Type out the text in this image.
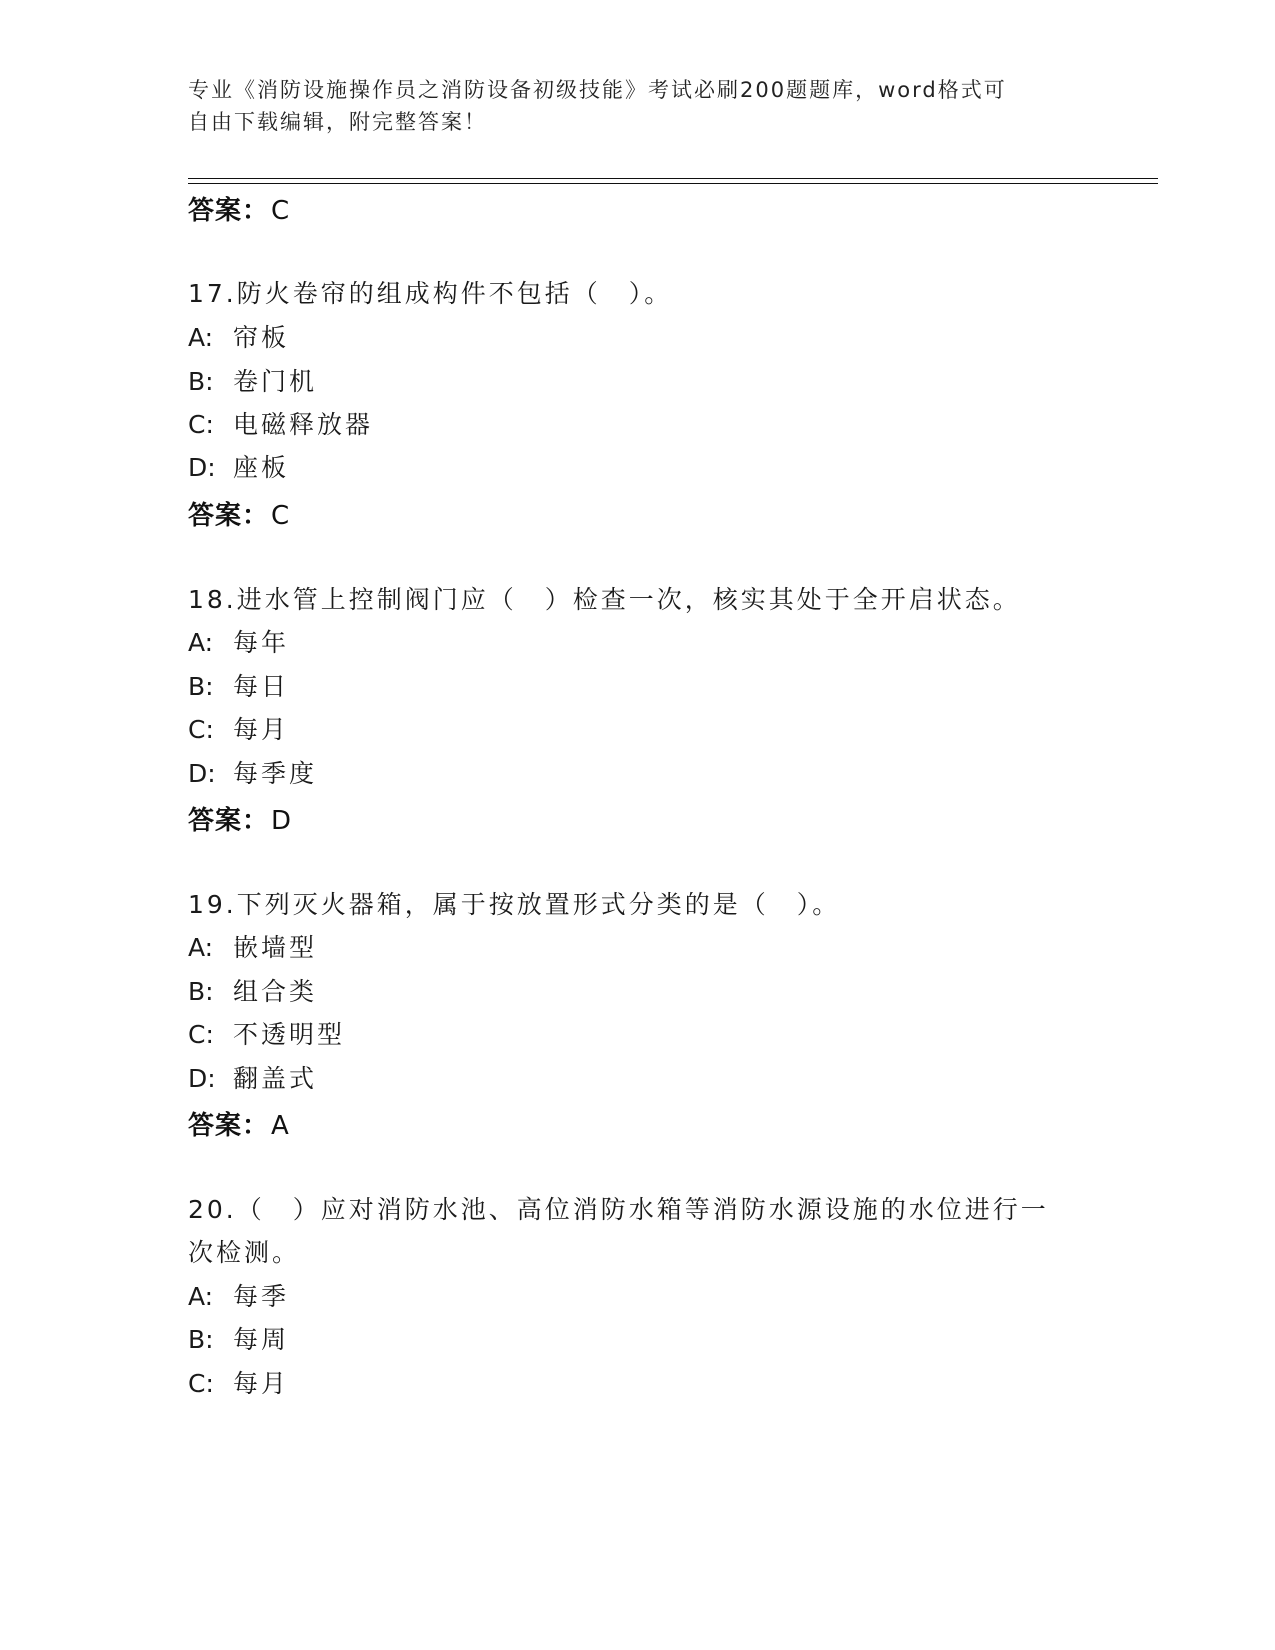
专业《消防设施操作员之消防设备初级技能》考试必刷200题题库，word格式可
自由下载编辑，附完整答案！
答案：C
17.防火卷帘的组成构件不包括（　）。
A: 帘板
B: 卷门机
C: 电磁释放器
D: 座板
答案：C
18.进水管上控制阀门应（　）检查一次，核实其处于全开启状态。
A: 每年
B: 每日
C: 每月
D: 每季度
答案：D
19.下列灭火器箱，属于按放置形式分类的是（　）。
A: 嵌墙型
B: 组合类
C: 不透明型
D: 翻盖式
答案：A
20.（　）应对消防水池、高位消防水箱等消防水源设施的水位进行一
次检测。
A: 每季
B: 每周
C: 每月
